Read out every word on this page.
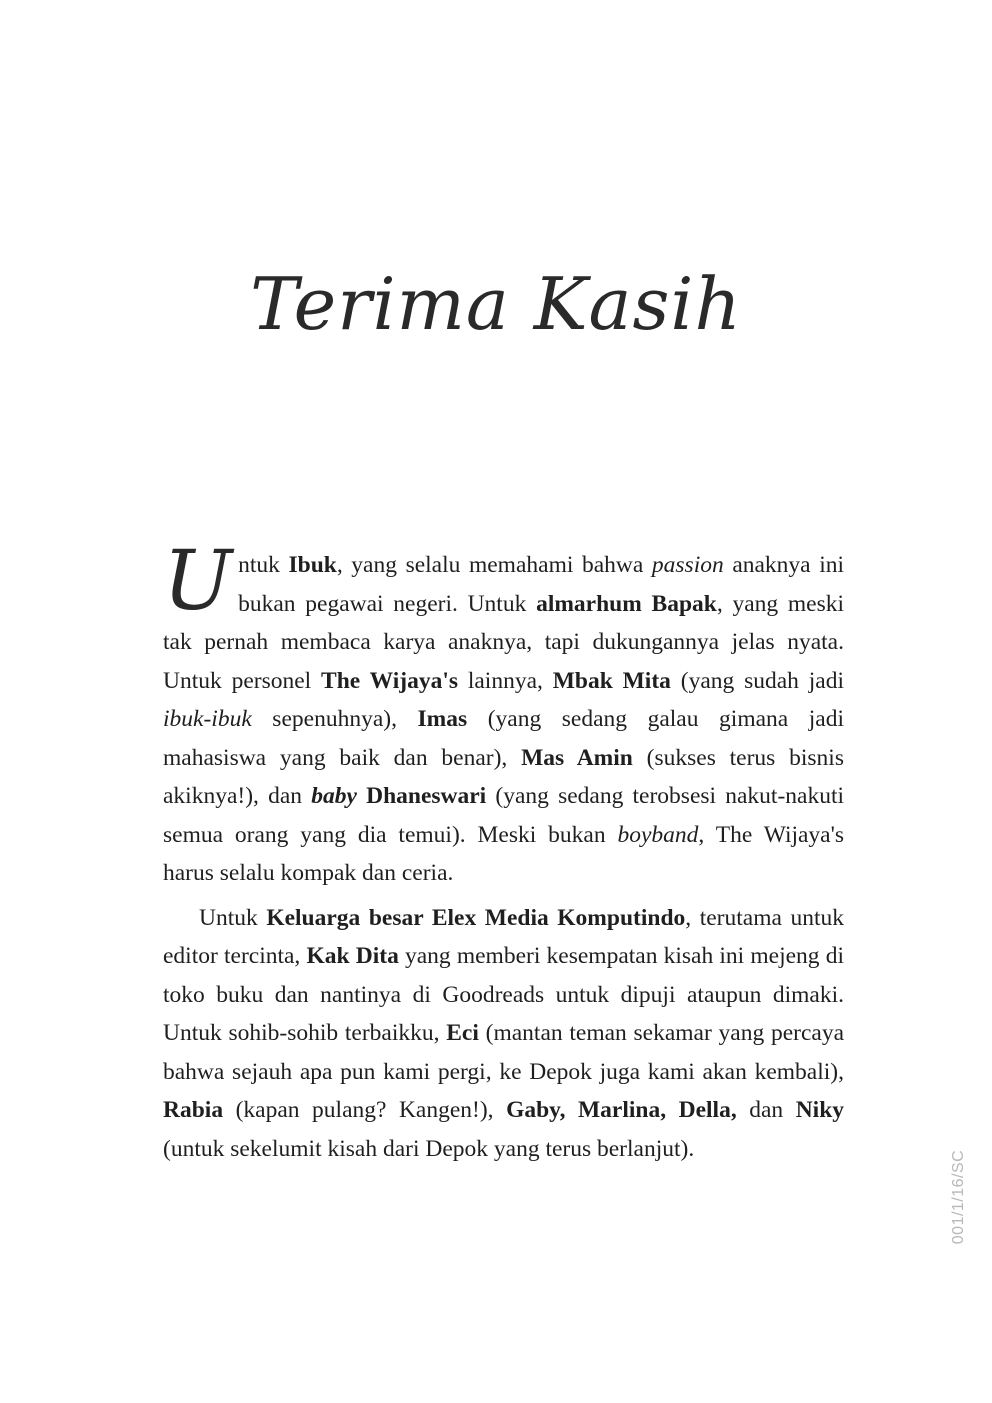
Terima Kasih

Untuk Ibuk, yang selalu memahami bahwa passion anaknya ini bukan pegawai negeri. Untuk almarhum Bapak, yang meski tak pernah membaca karya anaknya, tapi dukungannya jelas nyata. Untuk personel The Wijaya's lainnya, Mbak Mita (yang sudah jadi ibuk-ibuk sepenuhnya), Imas (yang sedang galau gimana jadi mahasiswa yang baik dan benar), Mas Amin (sukses terus bisnis akiknya!), dan baby Dhaneswari (yang sedang terobsesi nakut-nakuti semua orang yang dia temui). Meski bukan boyband, The Wijaya's harus selalu kompak dan ceria.

Untuk Keluarga besar Elex Media Komputindo, terutama untuk editor tercinta, Kak Dita yang memberi kesempatan kisah ini mejeng di toko buku dan nantinya di Goodreads untuk dipuji ataupun dimaki. Untuk sohib-sohib terbaikku, Eci (mantan teman sekamar yang percaya bahwa sejauh apa pun kami pergi, ke Depok juga kami akan kembali), Rabia (kapan pulang? Kangen!), Gaby, Marlina, Della, dan Niky (untuk sekelumit kisah dari Depok yang terus berlanjut).

001/1/16/SC
